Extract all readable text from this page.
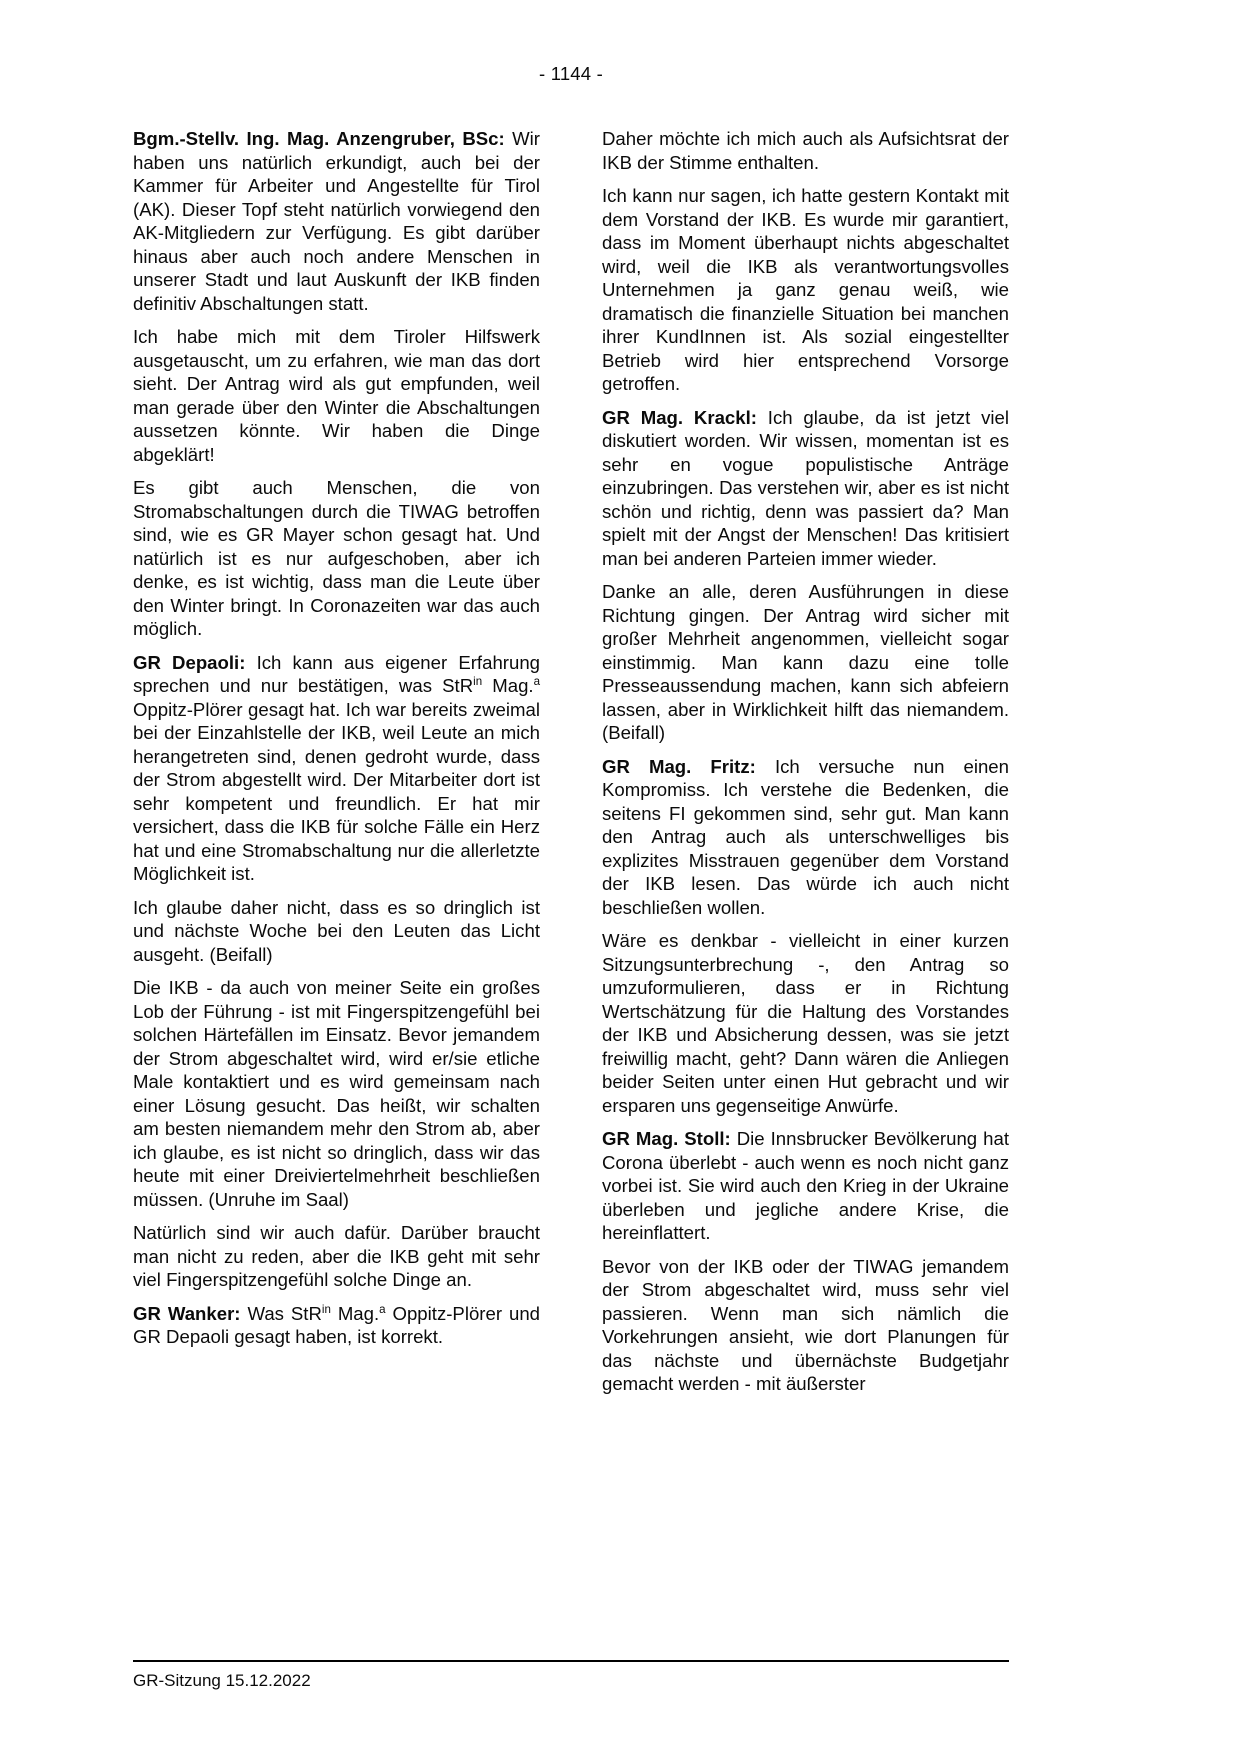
- 1144 -

Bgm.-Stellv. Ing. Mag. Anzengruber, BSc: Wir haben uns natürlich erkundigt, auch bei der Kammer für Arbeiter und Angestellte für Tirol (AK). Dieser Topf steht natürlich vorwiegend den AK-Mitgliedern zur Verfügung. Es gibt darüber hinaus aber auch noch andere Menschen in unserer Stadt und laut Auskunft der IKB finden definitiv Abschaltungen statt.

Ich habe mich mit dem Tiroler Hilfswerk ausgetauscht, um zu erfahren, wie man das dort sieht. Der Antrag wird als gut empfunden, weil man gerade über den Winter die Abschaltungen aussetzen könnte. Wir haben die Dinge abgeklärt!

Es gibt auch Menschen, die von Stromabschaltungen durch die TIWAG betroffen sind, wie es GR Mayer schon gesagt hat. Und natürlich ist es nur aufgeschoben, aber ich denke, es ist wichtig, dass man die Leute über den Winter bringt. In Coronazeiten war das auch möglich.

GR Depaoli: Ich kann aus eigener Erfahrung sprechen und nur bestätigen, was StR$^{in}$ Mag.$^a$ Oppitz-Plörer gesagt hat. Ich war bereits zweimal bei der Einzahlstelle der IKB, weil Leute an mich herangetreten sind, denen gedroht wurde, dass der Strom abgestellt wird. Der Mitarbeiter dort ist sehr kompetent und freundlich. Er hat mir versichert, dass die IKB für solche Fälle ein Herz hat und eine Stromabschaltung nur die allerletzte Möglichkeit ist.

Ich glaube daher nicht, dass es so dringlich ist und nächste Woche bei den Leuten das Licht ausgeht. (Beifall)

Die IKB - da auch von meiner Seite ein großes Lob der Führung - ist mit Fingerspitzengefühl bei solchen Härtefällen im Einsatz. Bevor jemandem der Strom abgeschaltet wird, wird er/sie etliche Male kontaktiert und es wird gemeinsam nach einer Lösung gesucht. Das heißt, wir schalten am besten niemandem mehr den Strom ab, aber ich glaube, es ist nicht so dringlich, dass wir das heute mit einer Dreiviertelmehrheit beschließen müssen. (Unruhe im Saal)

Natürlich sind wir auch dafür. Darüber braucht man nicht zu reden, aber die IKB geht mit sehr viel Fingerspitzengefühl solche Dinge an.

GR Wanker: Was StR$^{in}$ Mag.$^a$ Oppitz-Plörer und GR Depaoli gesagt haben, ist korrekt.

Daher möchte ich mich auch als Aufsichtsrat der IKB der Stimme enthalten.

Ich kann nur sagen, ich hatte gestern Kontakt mit dem Vorstand der IKB. Es wurde mir garantiert, dass im Moment überhaupt nichts abgeschaltet wird, weil die IKB als verantwortungsvolles Unternehmen ja ganz genau weiß, wie dramatisch die finanzielle Situation bei manchen ihrer KundInnen ist. Als sozial eingestellter Betrieb wird hier entsprechend Vorsorge getroffen.

GR Mag. Krackl: Ich glaube, da ist jetzt viel diskutiert worden. Wir wissen, momentan ist es sehr en vogue populistische Anträge einzubringen. Das verstehen wir, aber es ist nicht schön und richtig, denn was passiert da? Man spielt mit der Angst der Menschen! Das kritisiert man bei anderen Parteien immer wieder.

Danke an alle, deren Ausführungen in diese Richtung gingen. Der Antrag wird sicher mit großer Mehrheit angenommen, vielleicht sogar einstimmig. Man kann dazu eine tolle Presseaussendung machen, kann sich abfeiern lassen, aber in Wirklichkeit hilft das niemandem. (Beifall)

GR Mag. Fritz: Ich versuche nun einen Kompromiss. Ich verstehe die Bedenken, die seitens FI gekommen sind, sehr gut. Man kann den Antrag auch als unterschwelliges bis explizites Misstrauen gegenüber dem Vorstand der IKB lesen. Das würde ich auch nicht beschließen wollen.

Wäre es denkbar - vielleicht in einer kurzen Sitzungsunterbrechung -, den Antrag so umzuformulieren, dass er in Richtung Wertschätzung für die Haltung des Vorstandes der IKB und Absicherung dessen, was sie jetzt freiwillig macht, geht? Dann wären die Anliegen beider Seiten unter einen Hut gebracht und wir ersparen uns gegenseitige Anwürfe.

GR Mag. Stoll: Die Innsbrucker Bevölkerung hat Corona überlebt - auch wenn es noch nicht ganz vorbei ist. Sie wird auch den Krieg in der Ukraine überleben und jegliche andere Krise, die hereinflattert.

Bevor von der IKB oder der TIWAG jemandem der Strom abgeschaltet wird, muss sehr viel passieren. Wenn man sich nämlich die Vorkehrungen ansieht, wie dort Planungen für das nächste und übernächste Budgetjahr gemacht werden - mit äußerster

GR-Sitzung 15.12.2022
